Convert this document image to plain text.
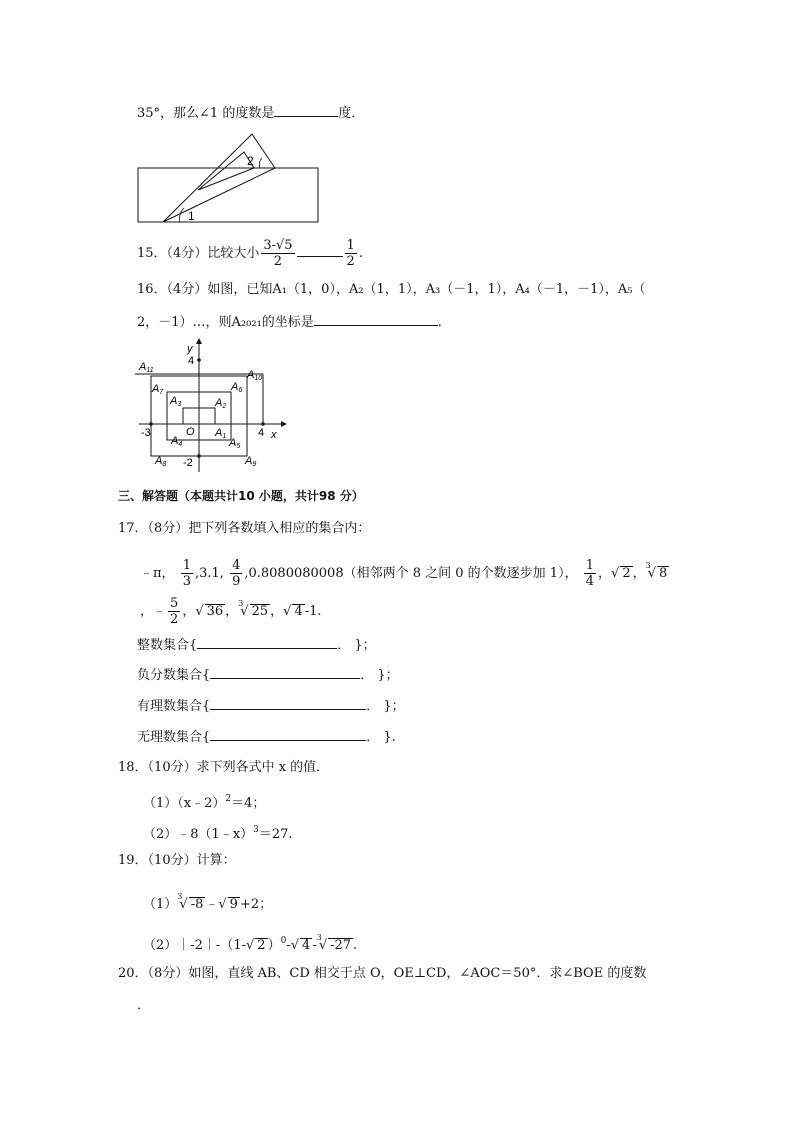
35°，那么∠1 的度数是	度．
1
2
15．（4分）比较大小 $\frac{3-√5}{2}$	$\frac{1}{2}$ .
16．（4分）如图，已知A₁（1，0），A₂（1，1），A₃（－1，1），A₄（－1，－1），A₅（
2，－1）…，则A₂₀₂₁的坐标是	．
y
4
x
4
-3
-2
O A1
A2
A3
A4	A5
A6
A7
A8	A9
A10
A11
三、解答题（本题共计10 小题，共计98 分）
17．（8分）把下列各数填入相应的集合内：
﹣π， $\frac{1}{3} ,3.1$, $\frac{4}{9} ,0.8080080008$（相邻两个 8 之间 0 的个数逐步加 1）， $\frac{1}{4}$ ，√ 2 ，$^3$√ 8
，﹣ $\frac{5}{2}$ ，√ 36 ，$^3$√ 25 ，√ 4 -1.
整数集合{	． }；
负分数集合{	． }；
有理数集合{	． }；
无理数集合{	． }.
18．（10分）求下列各式中 x 的值．
（1）（x﹣2）$^2$＝4；
（2）﹣8（1﹣x）$^3$＝27.
19．（10分）计算：
$(1)^3√$ -8 ﹣√ 9 +2；
（2）｜-2｜-（1-√ 2 ）$^0$-√ 4 -$^3$√ -27 .
20．（8分）如图，直线 AB、CD 相交于点 O，OE⊥CD，∠AOC＝50°．求∠BOE 的度数
．
